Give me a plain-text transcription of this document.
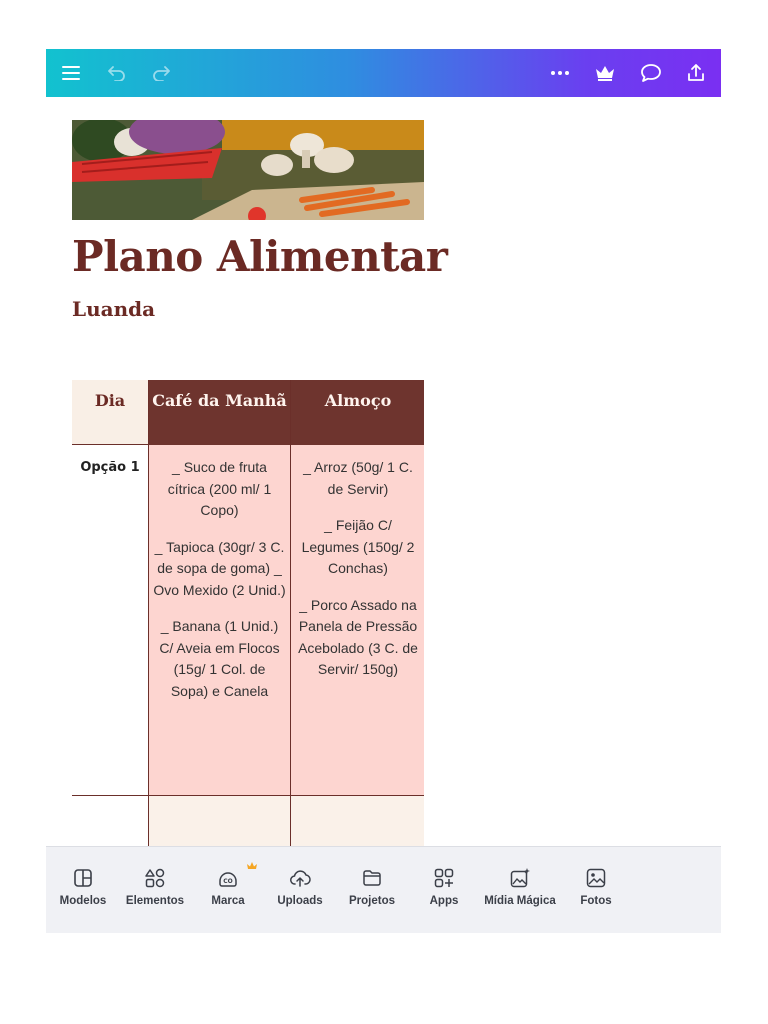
Plano Alimentar
Luanda
Dia
Opção 1
Café da Manhã

_ Suco de fruta cítrica (200 ml/ 1 Copo)

_ Tapioca (30gr/ 3 C. de sopa de goma) _ Ovo Mexido (2 Unid.)

_ Banana (1 Unid.) C/ Aveia em Flocos (15g/ 1 Col. de Sopa) e Canela

Almoço

_ Arroz (50g/ 1 C. de Servir)

_ Feijão C/ Legumes (150g/ 2 Conchas)

_ Porco Assado na Panela de Pressão Acebolado (3 C. de Servir/ 150g)

Modelos Elementos
CO
Marca	Uploads Projetos	Apps Mídia Mágica Fotos
